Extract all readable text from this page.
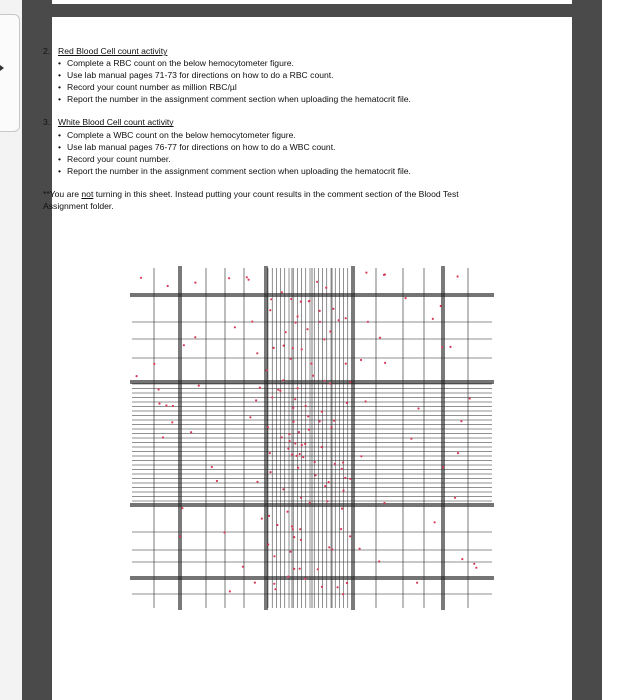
2. Red Blood Cell count activity
• Complete a RBC count on the below hemocytometer figure.
• Use lab manual pages 71-73 for directions on how to do a RBC count.
• Record your count number as million RBC/µl
• Report the number in the assignment comment section when uploading the hematocrit file.
3. White Blood Cell count activity
• Complete a WBC count on the below hemocytometer figure.
• Use lab manual pages 76-77 for directions on how to do a WBC count.
• Record your count number.
• Report the number in the assignment comment section when uploading the hematocrit file.
**You are not turning in this sheet. Instead putting your count results in the comment section of the Blood Test Assignment folder.
